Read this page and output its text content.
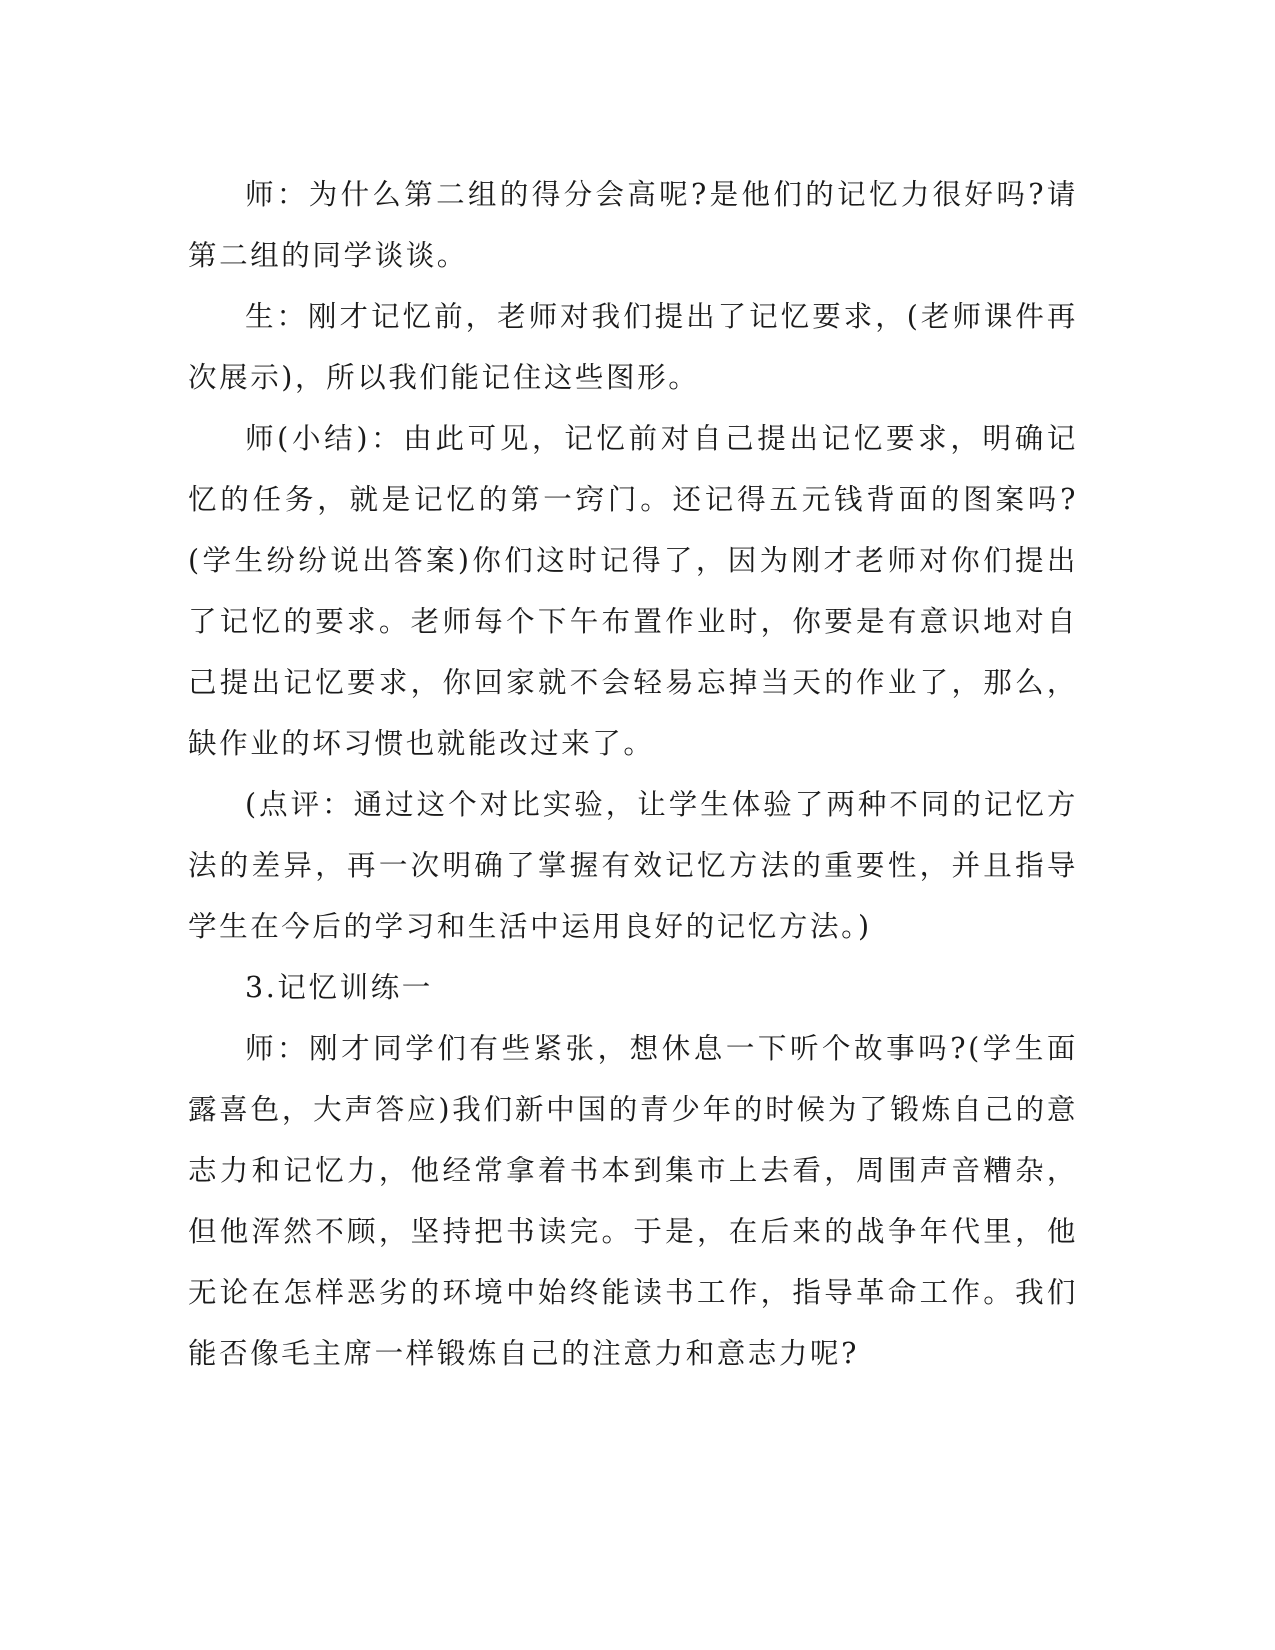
师：为什么第二组的得分会高呢?是他们的记忆力很好吗?请第二组的同学谈谈。

生：刚才记忆前，老师对我们提出了记忆要求，(老师课件再次展示)，所以我们能记住这些图形。

师(小结)：由此可见，记忆前对自己提出记忆要求，明确记忆的任务，就是记忆的第一窍门。还记得五元钱背面的图案吗?(学生纷纷说出答案)你们这时记得了，因为刚才老师对你们提出了记忆的要求。老师每个下午布置作业时，你要是有意识地对自己提出记忆要求，你回家就不会轻易忘掉当天的作业了，那么，缺作业的坏习惯也就能改过来了。

(点评：通过这个对比实验，让学生体验了两种不同的记忆方法的差异，再一次明确了掌握有效记忆方法的重要性，并且指导学生在今后的学习和生活中运用良好的记忆方法。)

3.记忆训练一

师：刚才同学们有些紧张，想休息一下听个故事吗?(学生面露喜色，大声答应)我们新中国的青少年的时候为了锻炼自己的意志力和记忆力，他经常拿着书本到集市上去看，周围声音糟杂，但他浑然不顾，坚持把书读完。于是，在后来的战争年代里，他无论在怎样恶劣的环境中始终能读书工作，指导革命工作。我们能否像毛主席一样锻炼自己的注意力和意志力呢?
